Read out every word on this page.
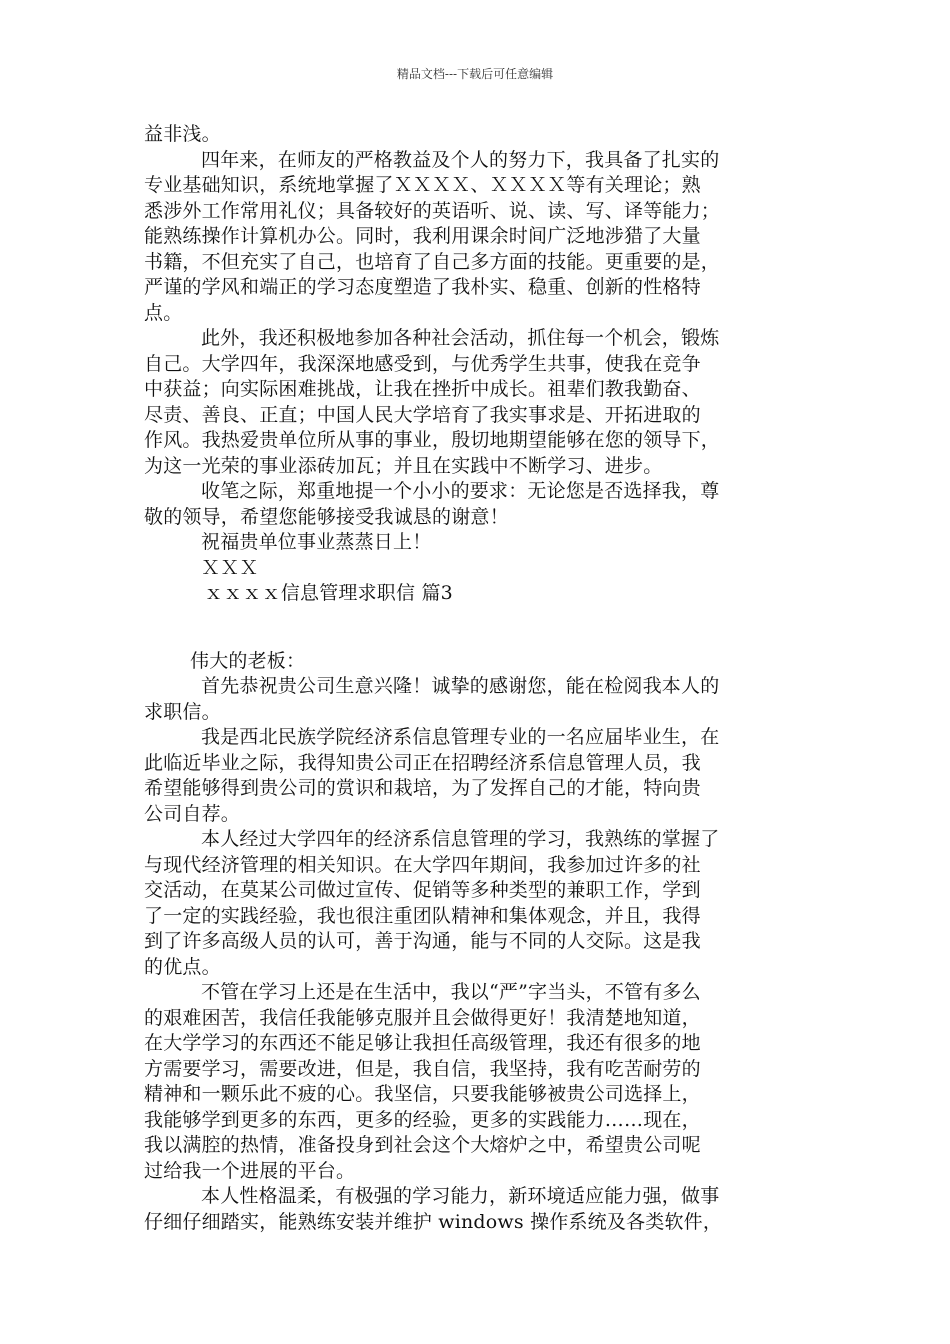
精品文档---下载后可任意编辑
益非浅。
四年来，在师友的严格教益及个人的努力下，我具备了扎实的
专业基础知识，系统地掌握了ＸＸＸＸ、ＸＸＸＸ等有关理论；熟
悉涉外工作常用礼仪；具备较好的英语听、说、读、写、译等能力；
能熟练操作计算机办公。同时，我利用课余时间广泛地涉猎了大量
书籍，不但充实了自己，也培育了自己多方面的技能。更重要的是，
严谨的学风和端正的学习态度塑造了我朴实、稳重、创新的性格特
点。
此外，我还积极地参加各种社会活动，抓住每一个机会，锻炼
自己。大学四年，我深深地感受到，与优秀学生共事，使我在竞争
中获益；向实际困难挑战，让我在挫折中成长。祖辈们教我勤奋、
尽责、善良、正直；中国人民大学培育了我实事求是、开拓进取的
作风。我热爱贵单位所从事的事业，殷切地期望能够在您的领导下，
为这一光荣的事业添砖加瓦；并且在实践中不断学习、进步。
收笔之际，郑重地提一个小小的要求：无论您是否选择我，尊
敬的领导，希望您能够接受我诚恳的谢意！
祝福贵单位事业蒸蒸日上！
ＸＸＸ
ｘｘｘｘ信息管理求职信 篇3
伟大的老板：
首先恭祝贵公司生意兴隆！诚挚的感谢您，能在检阅我本人的
求职信。
我是西北民族学院经济系信息管理专业的一名应届毕业生，在
此临近毕业之际，我得知贵公司正在招聘经济系信息管理人员，我
希望能够得到贵公司的赏识和栽培，为了发挥自己的才能，特向贵
公司自荐。
本人经过大学四年的经济系信息管理的学习，我熟练的掌握了
与现代经济管理的相关知识。在大学四年期间，我参加过许多的社
交活动，在莫某公司做过宣传、促销等多种类型的兼职工作，学到
了一定的实践经验，我也很注重团队精神和集体观念，并且，我得
到了许多高级人员的认可，善于沟通，能与不同的人交际。这是我
的优点。
不管在学习上还是在生活中，我以“严”字当头，不管有多么
的艰难困苦，我信任我能够克服并且会做得更好！我清楚地知道，
在大学学习的东西还不能足够让我担任高级管理，我还有很多的地
方需要学习，需要改进，但是，我自信，我坚持，我有吃苦耐劳的
精神和一颗乐此不疲的心。我坚信，只要我能够被贵公司选择上，
我能够学到更多的东西，更多的经验，更多的实践能力……现在，
我以满腔的热情，准备投身到社会这个大熔炉之中，希望贵公司呢
过给我一个进展的平台。
本人性格温柔，有极强的学习能力，新环境适应能力强，做事
仔细仔细踏实，能熟练安装并维护 windows 操作系统及各类软件，
